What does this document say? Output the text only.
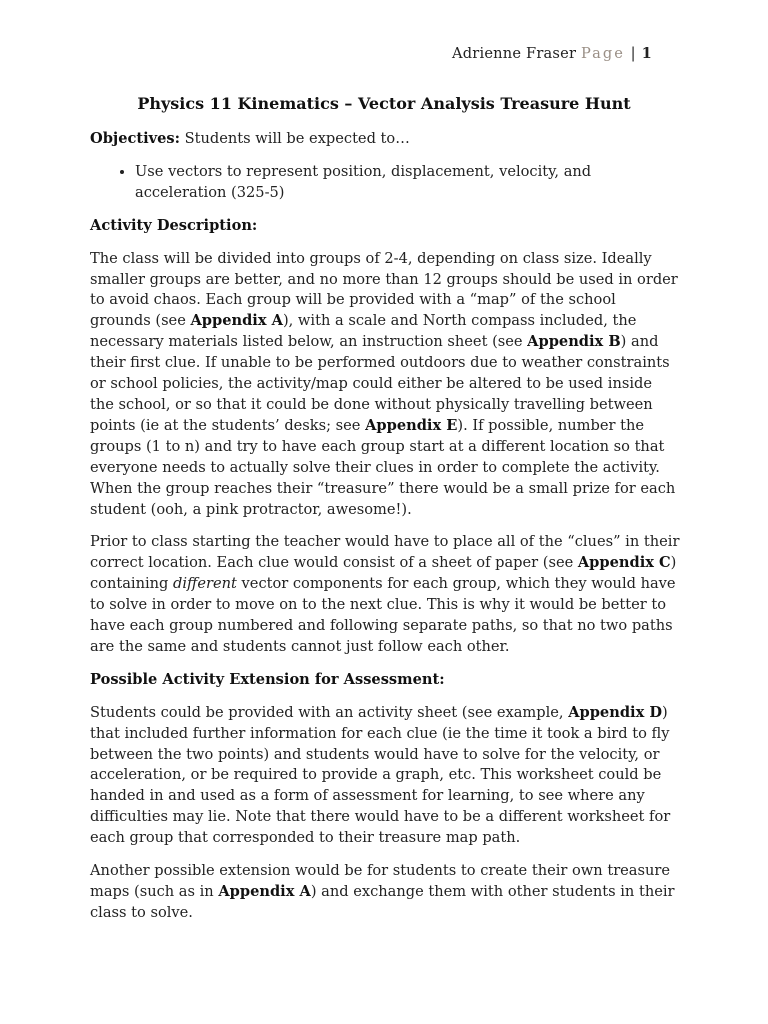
Adrienne Fraser Page | 1
Physics 11 Kinematics – Vector Analysis Treasure Hunt

Objectives: Students will be expected to…

• Use vectors to represent position, displacement, velocity, and acceleration (325-5)
Activity Description:

The class will be divided into groups of 2-4, depending on class size. Ideally smaller groups are better, and no more than 12 groups should be used in order to avoid chaos. Each group will be provided with a “map” of the school grounds (see Appendix A), with a scale and North compass included, the necessary materials listed below, an instruction sheet (see Appendix B) and their first clue. If unable to be performed outdoors due to weather constraints or school policies, the activity/map could either be altered to be used inside the school, or so that it could be done without physically travelling between points (ie at the students’ desks; see Appendix E). If possible, number the groups (1 to n) and try to have each group start at a different location so that everyone needs to actually solve their clues in order to complete the activity. When the group reaches their “treasure” there would be a small prize for each student (ooh, a pink protractor, awesome!).

Prior to class starting the teacher would have to place all of the “clues” in their correct location. Each clue would consist of a sheet of paper (see Appendix C) containing different vector components for each group, which they would have to solve in order to move on to the next clue. This is why it would be better to have each group numbered and following separate paths, so that no two paths are the same and students cannot just follow each other.

Possible Activity Extension for Assessment:

Students could be provided with an activity sheet (see example, Appendix D) that included further information for each clue (ie the time it took a bird to fly between the two points) and students would have to solve for the velocity, or acceleration, or be required to provide a graph, etc. This worksheet could be handed in and used as a form of assessment for learning, to see where any difficulties may lie. Note that there would have to be a different worksheet for each group that corresponded to their treasure map path.

Another possible extension would be for students to create their own treasure maps (such as in Appendix A) and exchange them with other students in their class to solve.
